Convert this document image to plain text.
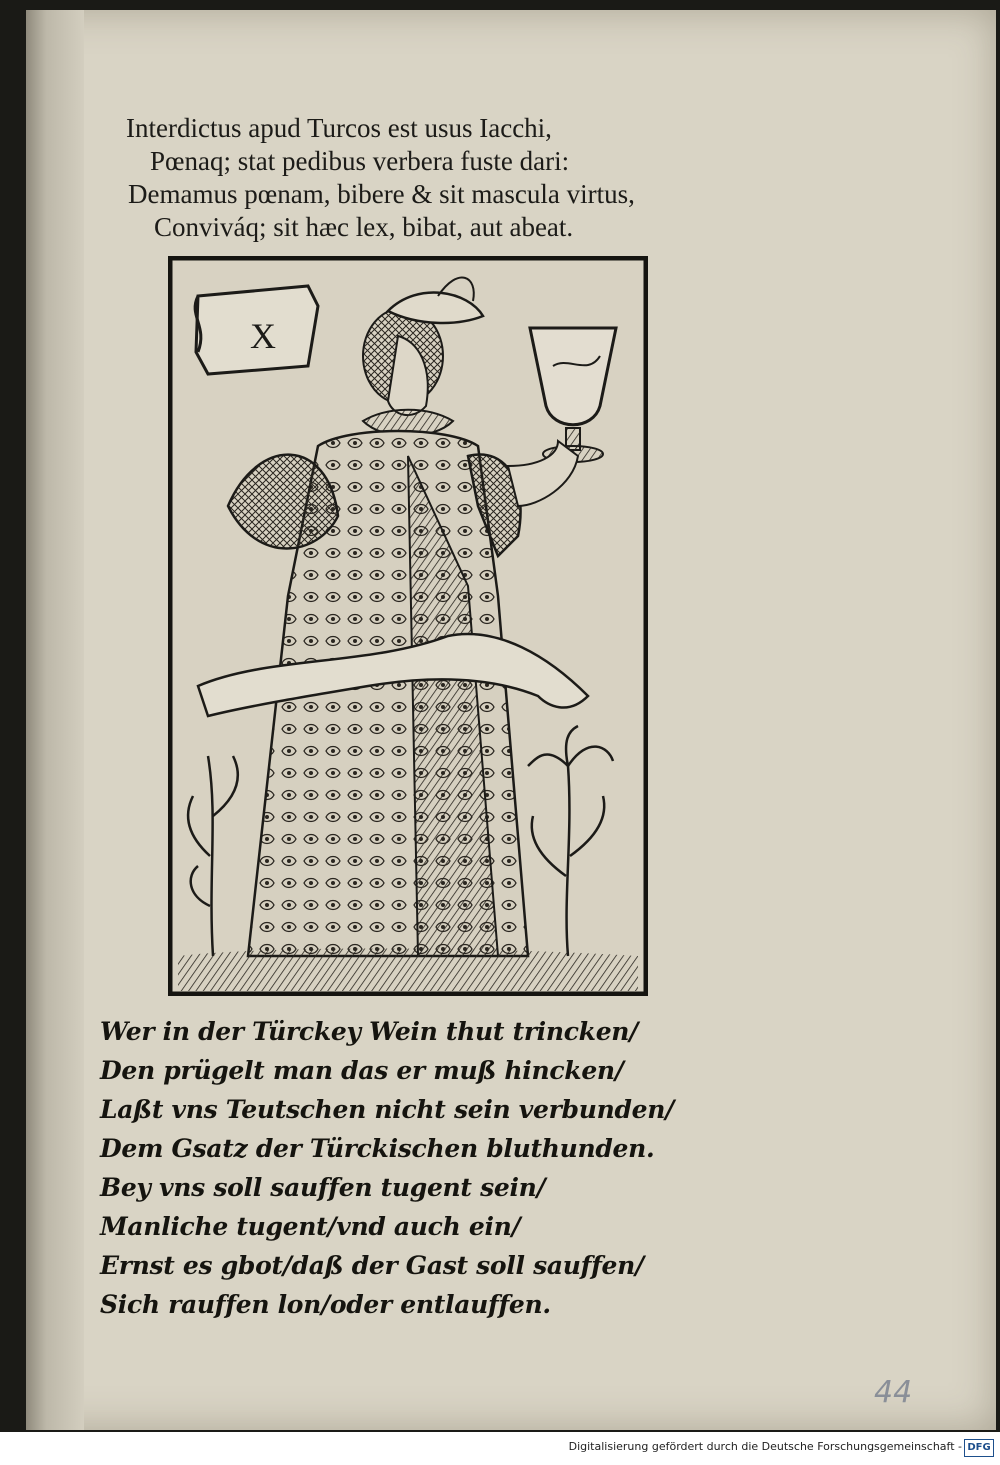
Interdictus apud Turcos est usus Iacchi,
Pœnaq; stat pedibus verbera fuste dari:
Demamus pœnam, bibere & sit mascula virtus,
Conviváq; sit hæc lex, bibat, aut abeat.
X
Wer in der Türckey Wein thut trincken/
Den prügelt man das er muß hincken/
Laßt vns Teutschen nicht sein verbunden/
Dem Gsatz der Türckischen bluthunden.
Bey vns soll sauffen tugent sein/
Manliche tugent/vnd auch ein/
Ernst es gbot/daß der Gast soll sauffen/
Sich rauffen lon/oder entlauffen.
44
Digitalisierung gefördert durch die Deutsche Forschungsgemeinschaft - DFG
